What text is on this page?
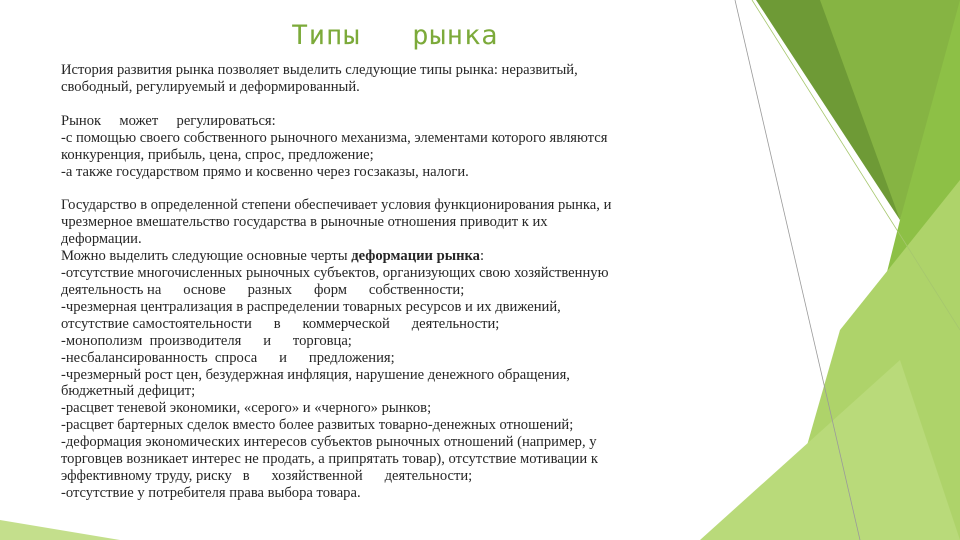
Типы   рынка
История развития рынка позволяет выделить следующие типы рынка: неразвитый,
свободный, регулируемый и деформированный.
Рынок     может     регулироваться:
-с помощью своего собственного рыночного механизма, элементами которого являются
конкуренция, прибыль, цена, спрос, предложение;
-а также государством прямо и косвенно через госзаказы, налоги.
Государство в определенной степени обеспечивает условия функционирования рынка, и
чрезмерное вмешательство государства в рыночные отношения приводит к их
деформации.
Можно выделить следующие основные черты деформации рынка:
-отсутствие многочисленных рыночных субъектов, организующих свою хозяйственную
деятельность на      основе      разных      форм      собственности;
-чрезмерная централизация в распределении товарных ресурсов и их движений,
отсутствие самостоятельности      в      коммерческой      деятельности;
-монополизм  производителя      и      торговца;
-несбалансированность  спроса      и      предложения;
-чрезмерный рост цен, безудержная инфляция, нарушение денежного обращения,
бюджетный дефицит;
-расцвет теневой экономики, «серого» и «черного» рынков;
-расцвет бартерных сделок вместо более развитых товарно-денежных отношений;
-деформация экономических интересов субъектов рыночных отношений (например, у
торговцев возникает интерес не продать, а припрятать товар), отсутствие мотивации к
эффективному труду, риску   в      хозяйственной      деятельности;
-отсутствие у потребителя права выбора товара.
